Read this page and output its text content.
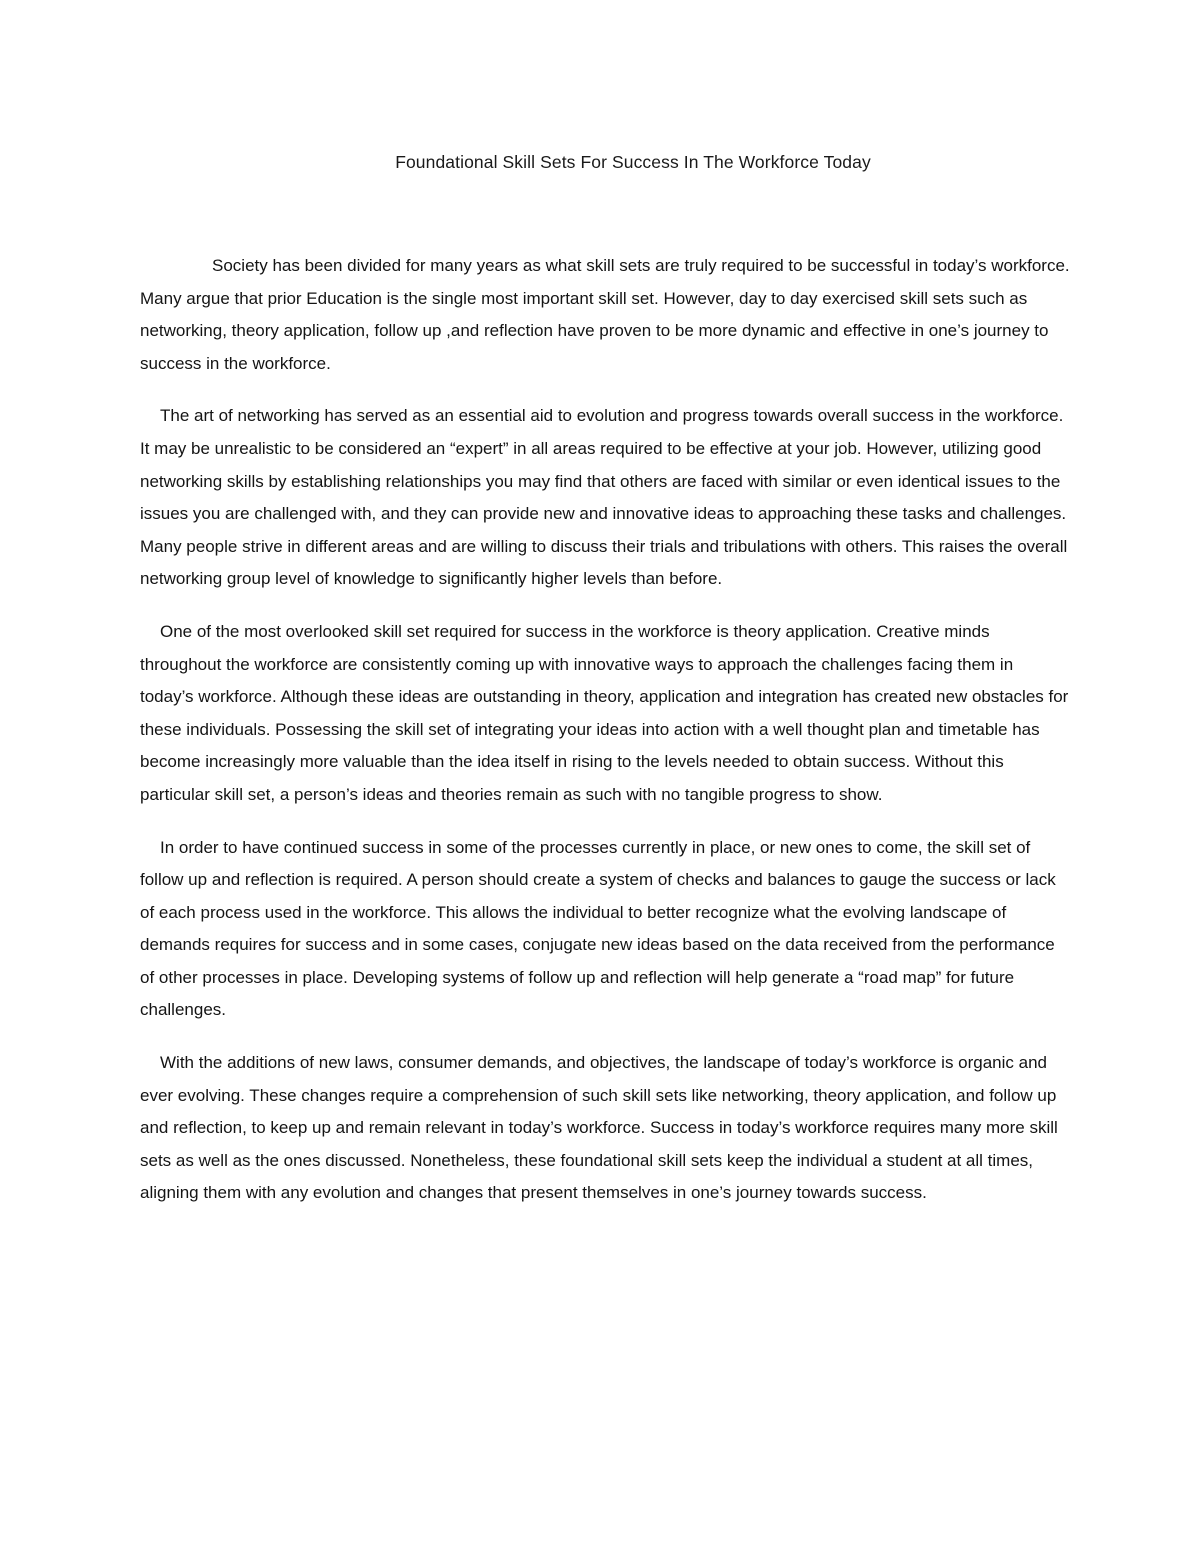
Foundational Skill Sets For Success In The Workforce Today

Society has been divided for many years as what skill sets are truly required to be successful in today’s workforce. Many argue that prior Education is the single most important skill set. However, day to day exercised skill sets such as networking, theory application, follow up ,and reflection have proven to be more dynamic and effective in one’s journey to success in the workforce.

The art of networking has served as an essential aid to evolution and progress towards overall success in the workforce. It may be unrealistic to be considered an “expert” in all areas required to be effective at your job. However, utilizing good networking skills by establishing relationships you may find that others are faced with similar or even identical issues to the issues you are challenged with, and they can provide new and innovative ideas to approaching these tasks and challenges. Many people strive in different areas and are willing to discuss their trials and tribulations with others. This raises the overall networking group level of knowledge to significantly higher levels than before.

One of the most overlooked skill set required for success in the workforce is theory application. Creative minds throughout the workforce are consistently coming up with innovative ways to approach the challenges facing them in today’s workforce. Although these ideas are outstanding in theory, application and integration has created new obstacles for these individuals. Possessing the skill set of integrating your ideas into action with a well thought plan and timetable has become increasingly more valuable than the idea itself in rising to the levels needed to obtain success. Without this particular skill set, a person’s ideas and theories remain as such with no tangible progress to show.

In order to have continued success in some of the processes currently in place, or new ones to come, the skill set of follow up and reflection is required. A person should create a system of checks and balances to gauge the success or lack of each process used in the workforce. This allows the individual to better recognize what the evolving landscape of demands requires for success and in some cases, conjugate new ideas based on the data received from the performance of other processes in place. Developing systems of follow up and reflection will help generate a “road map” for future challenges.

With the additions of new laws, consumer demands, and objectives, the landscape of today’s workforce is organic and ever evolving. These changes require a comprehension of such skill sets like networking, theory application, and follow up and reflection, to keep up and remain relevant in today’s workforce. Success in today’s workforce requires many more skill sets as well as the ones discussed. Nonetheless, these foundational skill sets keep the individual a student at all times, aligning them with any evolution and changes that present themselves in one’s journey towards success.
